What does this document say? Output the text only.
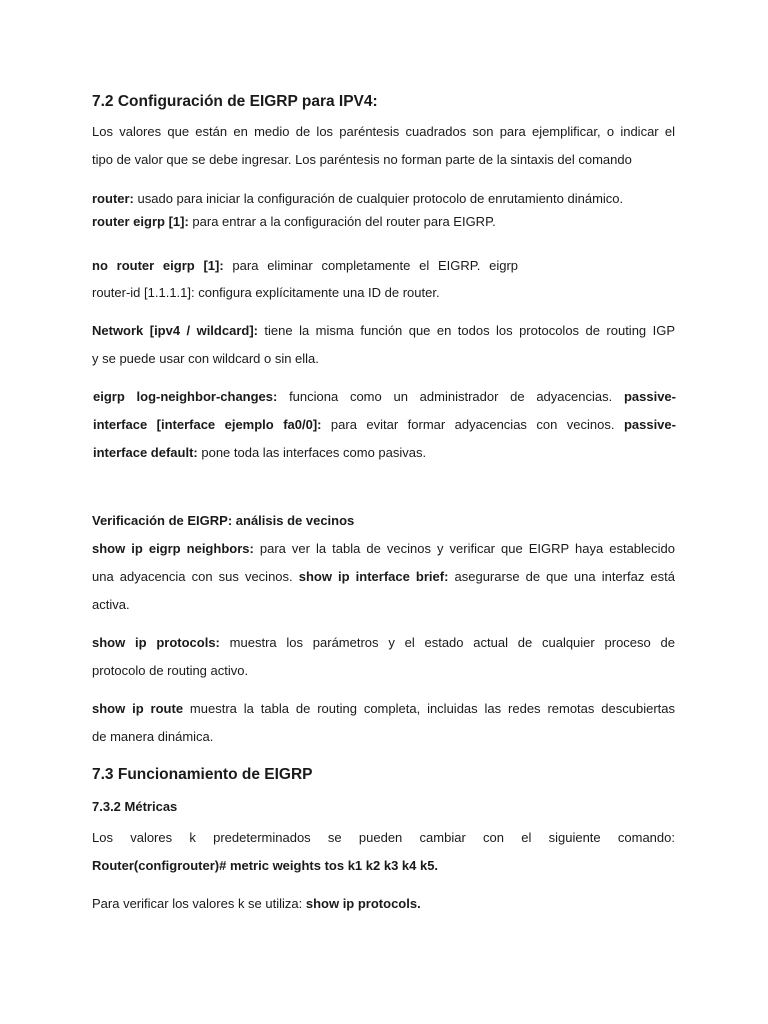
7.2 Configuración de EIGRP para IPV4:

Los valores que están en medio de los paréntesis cuadrados son para ejemplificar, o indicar el
tipo de valor que se debe ingresar. Los paréntesis no forman parte de la sintaxis del comando

router: usado para iniciar la configuración de cualquier protocolo de enrutamiento dinámico.
router eigrp [1]: para entrar a la configuración del router para EIGRP.

no router eigrp [1]: para eliminar completamente el EIGRP. eigrp

router-id [1.1.1.1]: configura explícitamente una ID de router.

Network [ipv4 / wildcard]: tiene la misma función que en todos los protocolos de routing IGP
y se puede usar con wildcard o sin ella.

eigrp log-neighbor-changes: funciona como un administrador de adyacencias. passive-
interface [interface ejemplo fa0/0]: para evitar formar adyacencias con vecinos. passive-
interface default: pone toda las interfaces como pasivas.

Verificación de EIGRP: análisis de vecinos

show ip eigrp neighbors: para ver la tabla de vecinos y verificar que EIGRP haya establecido
una adyacencia con sus vecinos. show ip interface brief: asegurarse de que una interfaz está
activa.

show ip protocols: muestra los parámetros y el estado actual de cualquier proceso de
protocolo de routing activo.

show ip route muestra la tabla de routing completa, incluidas las redes remotas descubiertas
de manera dinámica.

7.3 Funcionamiento de EIGRP
7.3.2 Métricas

Los valores k predeterminados se pueden cambiar con el siguiente comando:
Router(configrouter)# metric weights tos k1 k2 k3 k4 k5.

Para verificar los valores k se utiliza: show ip protocols.
